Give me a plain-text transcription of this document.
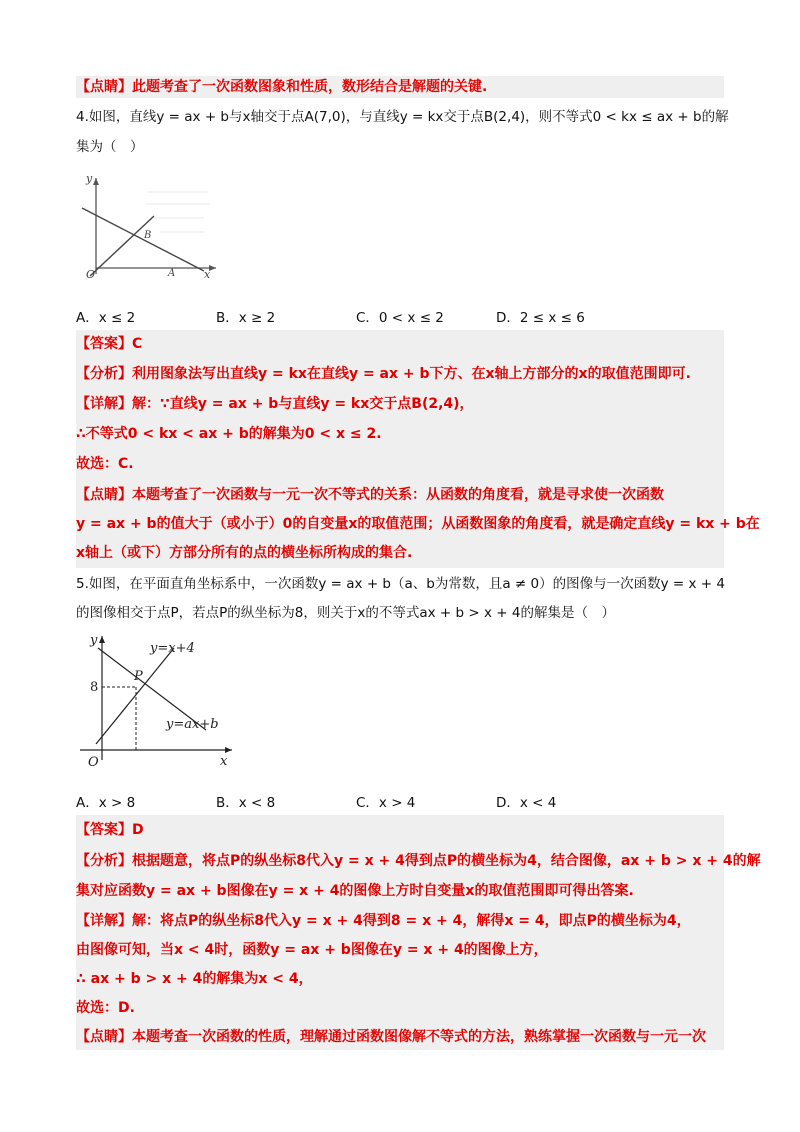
【点睛】此题考查了一次函数图象和性质，数形结合是解题的关键.
4.如图，直线y = ax + b与x轴交于点A(7,0)，与直线y = kx交于点B(2,4)，则不等式0 < kx ≤ ax + b的解
集为（　）
y
x
O	A
B
A．x ≤ 2	B．x ≥ 2	C．0 < x ≤ 2	D．2 ≤ x ≤ 6
【答案】C
【分析】利用图象法写出直线y = kx在直线y = ax + b下方、在x轴上方部分的x的取值范围即可.
【详解】解：∵直线y = ax + b与直线y = kx交于点B(2,4)，
∴不等式0 < kx < ax + b的解集为0 < x ≤ 2.
故选：C.
【点睛】本题考查了一次函数与一元一次不等式的关系：从函数的角度看，就是寻求使一次函数
y = ax + b的值大于（或小于）0的自变量x的取值范围；从函数图象的角度看，就是确定直线y = kx + b在
x轴上（或下）方部分所有的点的横坐标所构成的集合.
5.如图，在平面直角坐标系中，一次函数y = ax + b（a、b为常数，且a ≠ 0）的图像与一次函数y = x + 4
的图像相交于点P，若点P的纵坐标为8，则关于x的不等式ax + b > x + 4的解集是（　）
y
x
O
8
P
y=x+4
y=ax+b
A．x > 8	B．x < 8	C．x > 4	D．x < 4
【答案】D
【分析】根据题意，将点P的纵坐标8代入y = x + 4得到点P的横坐标为4，结合图像，ax + b > x + 4的解
集对应函数y = ax + b图像在y = x + 4的图像上方时自变量x的取值范围即可得出答案.
【详解】解：将点P的纵坐标8代入y = x + 4得到8 = x + 4，解得x = 4，即点P的横坐标为4，
由图像可知，当x < 4时，函数y = ax + b图像在y = x + 4的图像上方，
∴ ax + b > x + 4的解集为x < 4，
故选：D.
【点睛】本题考查一次函数的性质，理解通过函数图像解不等式的方法，熟练掌握一次函数与一元一次
